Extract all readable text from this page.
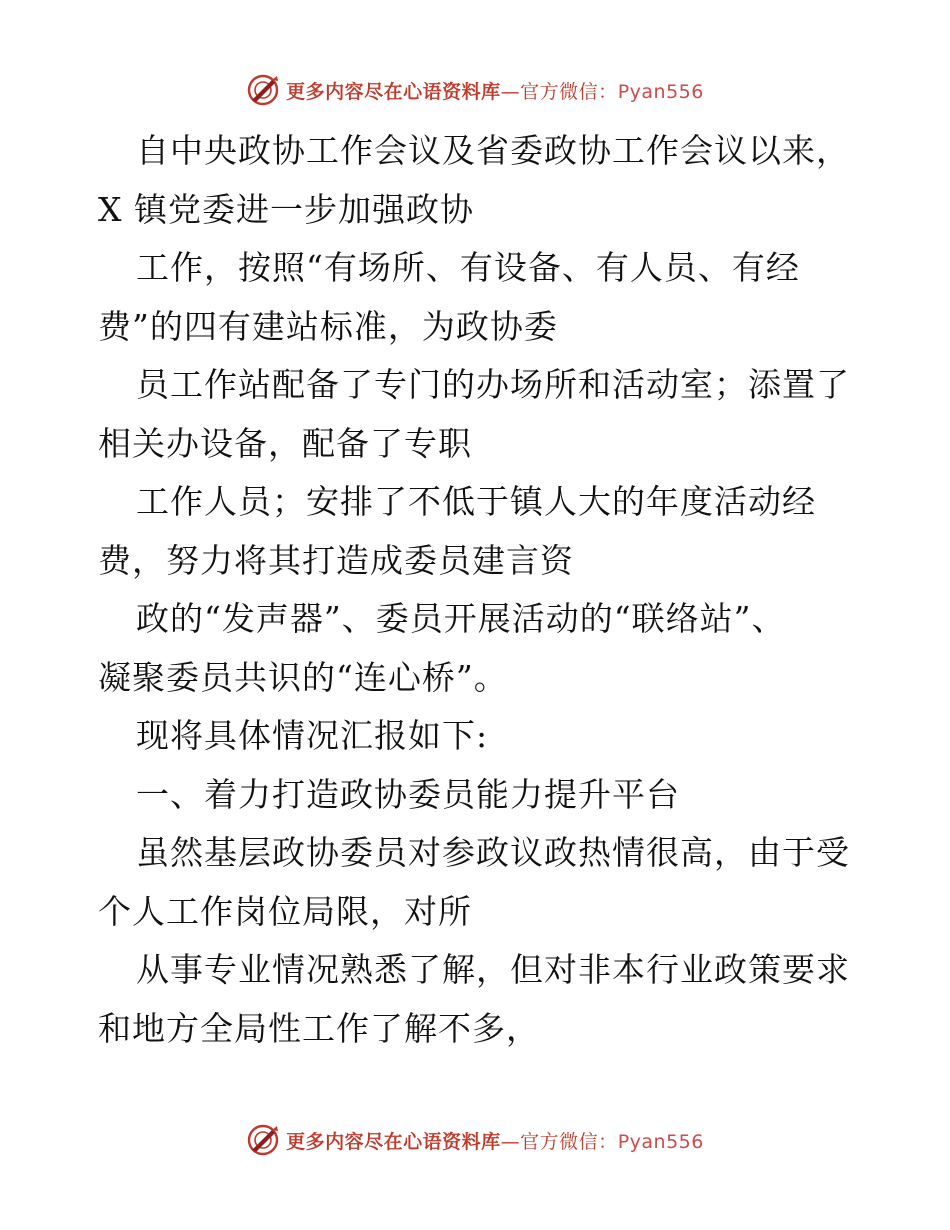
更多内容尽在心语资料库—官方微信：Pyan556
自中央政协工作会议及省委政协工作会议以来，
X 镇党委进一步加强政协
工作，按照“有场所、有设备、有人员、有经
费”的四有建站标准，为政协委
员工作站配备了专门的办场所和活动室；添置了
相关办设备，配备了专职
工作人员；安排了不低于镇人大的年度活动经
费，努力将其打造成委员建言资
政的“发声器”、委员开展活动的“联络站”、
凝聚委员共识的“连心桥”。
现将具体情况汇报如下:
一、着力打造政协委员能力提升平台
虽然基层政协委员对参政议政热情很高，由于受
个人工作岗位局限，对所
从事专业情况熟悉了解，但对非本行业政策要求
和地方全局性工作了解不多，
更多内容尽在心语资料库—官方微信：Pyan556
